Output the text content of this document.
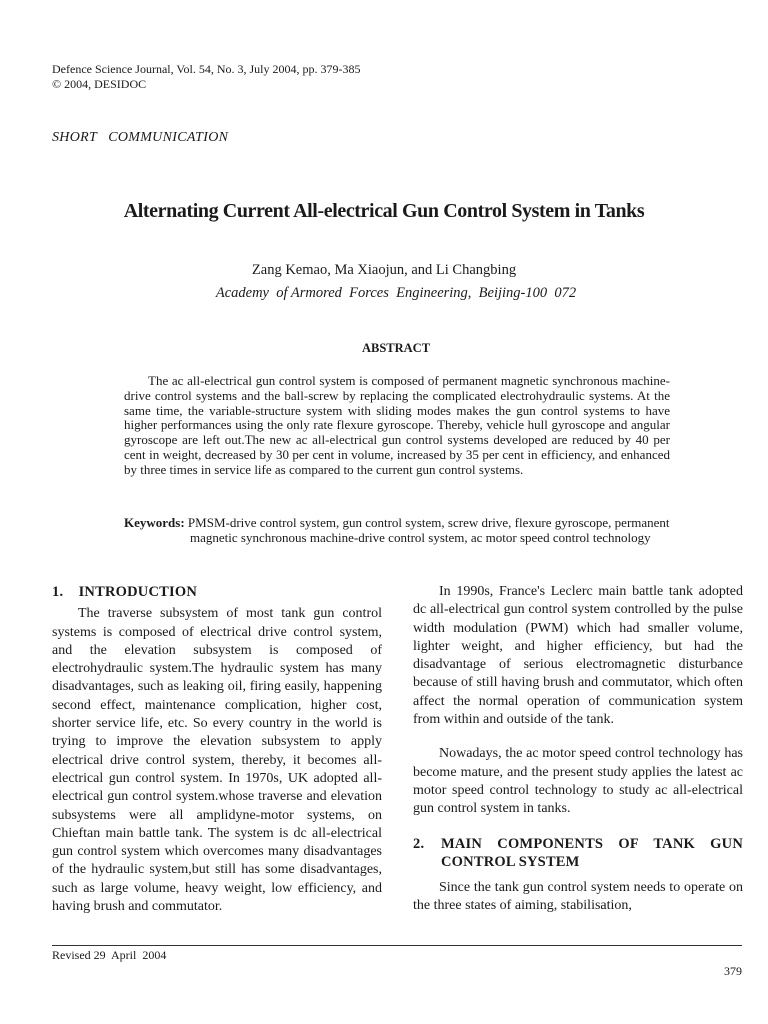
Defence Science Journal, Vol. 54, No. 3, July 2004, pp. 379-385
© 2004, DESIDOC
SHORT   COMMUNICATION
Alternating Current All-electrical Gun Control System in Tanks
Zang Kemao, Ma Xiaojun, and Li Changbing
Academy  of Armored  Forces  Engineering,  Beijing-100  072
ABSTRACT

The ac all-electrical gun control system is composed of permanent magnetic synchronous machine-drive control systems and the ball-screw by replacing the complicated electrohydraulic systems. At the same time, the variable-structure system with sliding modes makes the gun control systems to have higher performances using the only rate flexure gyroscope. Thereby, vehicle hull gyroscope and angular gyroscope are left out.The new ac all-electrical gun control systems developed are reduced by 40 per cent in weight, decreased by 30 per cent in volume, increased by 35 per cent in efficiency, and enhanced by three times in service life as compared to the current gun control systems.

Keywords: PMSM-drive control system, gun control system, screw drive, flexure gyroscope, permanent
magnetic synchronous machine-drive control system, ac motor speed control technology
1.    INTRODUCTION

The traverse subsystem of most tank gun control systems is composed of electrical drive control system, and the elevation subsystem is composed of electrohydraulic system.The hydraulic system has many disadvantages, such as leaking oil, firing easily, happening second effect, maintenance complication, higher cost, shorter service life, etc. So every country in the world is trying to improve the elevation subsystem to apply electrical drive control system, thereby, it becomes all-electrical gun control system. In 1970s, UK adopted all-electrical gun control system.whose traverse and elevation subsystems were all amplidyne-motor systems, on Chieftan main battle tank. The system is dc all-electrical gun control system which overcomes many disadvantages of the hydraulic system,but still has some disadvantages, such as large volume, heavy weight, low efficiency, and having brush and commutator.

In 1990s, France's Leclerc main battle tank adopted dc all-electrical gun control system controlled by the pulse width modulation (PWM) which had smaller volume, lighter weight, and higher efficiency, but had the disadvantage of serious electromagnetic disturbance because of still having brush and commutator, which often affect the normal operation of communication system from within and outside of the tank.

Nowadays, the ac motor speed control technology has become mature, and the present study applies the latest ac motor speed control technology to study ac all-electrical gun control system in tanks.

2.	MAIN COMPONENTS OF TANK GUN CONTROL SYSTEM

Since the tank gun control system needs to operate on the three states of aiming, stabilisation,

Revised 29  April  2004
379
